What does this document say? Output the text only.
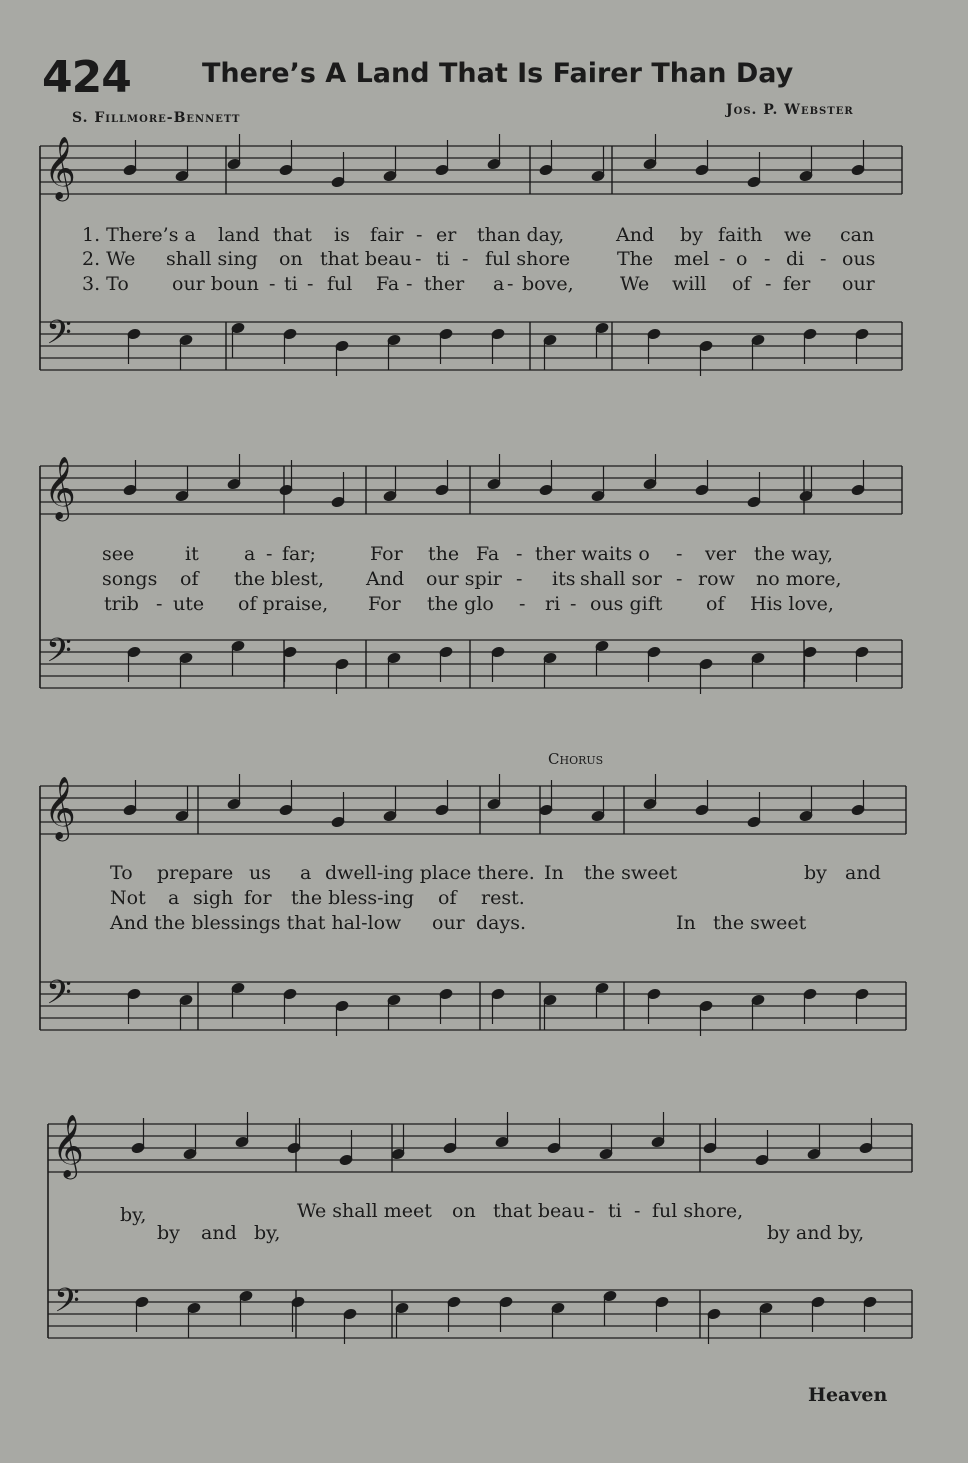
424	There’s A Land That Is Fairer Than Day
S. Fillmore-Bennett	Jos. P. Webster
Chorus
Heaven
𝄞
𝄢
𝄞
𝄢
𝄞
𝄢
𝄞
𝄢
1. There’s a land that is fair - er than day,	And by faith we can
2. We shall sing on that beau - ti - ful shore The mel - o - di - ous
3. To our boun - ti - ful Fa - ther a - bove, We will of - fer our
see	it a - far;	For the Fa - ther waits o - ver the way,
songs of the blest, And our spir - its shall sor - row no more,
trib - ute of praise, For the glo - ri - ous gift of His love,
To prepare us a dwell-ing place there. In the sweet	by and
Not a sigh for the bless-ing of rest.
And the blessings that hal-low our days.	In the sweet
by,	We shall meet on that beau - ti - ful shore,
by and by,	by and by,
